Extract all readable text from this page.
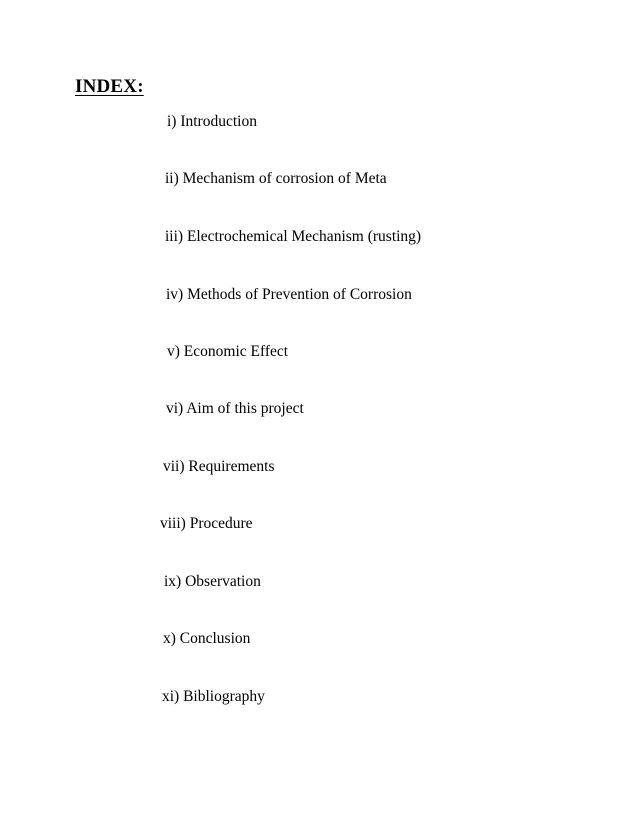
INDEX:
i) Introduction
ii) Mechanism of corrosion of Meta
iii) Electrochemical Mechanism (rusting)
iv) Methods of Prevention of Corrosion
v) Economic Effect
vi) Aim of this project
vii) Requirements
viii) Procedure
ix) Observation
x) Conclusion
xi) Bibliography
